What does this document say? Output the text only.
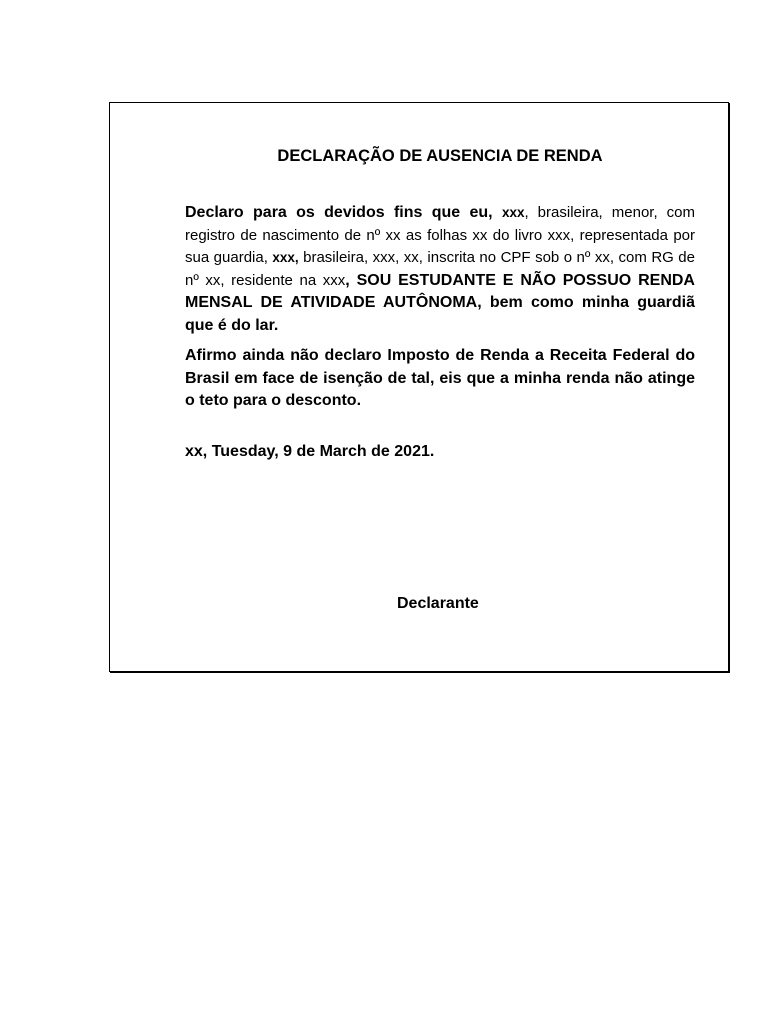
DECLARAÇÃO DE AUSENCIA DE RENDA

Declaro para os devidos fins que eu, xxx, brasileira, menor, com registro de nascimento de nº xx as folhas xx do livro xxx, representada por sua guardia, xxx, brasileira, xxx, xx, inscrita no CPF sob o nº xx, com RG de nº xx, residente na xxx, SOU ESTUDANTE E NÃO POSSUO RENDA MENSAL DE ATIVIDADE AUTÔNOMA, bem como minha guardiã que é do lar.

Afirmo ainda não declaro Imposto de Renda a Receita Federal do Brasil em face de isenção de tal, eis que a minha renda não atinge o teto para o desconto.

xx, Tuesday, 9 de March de 2021.

Declarante
